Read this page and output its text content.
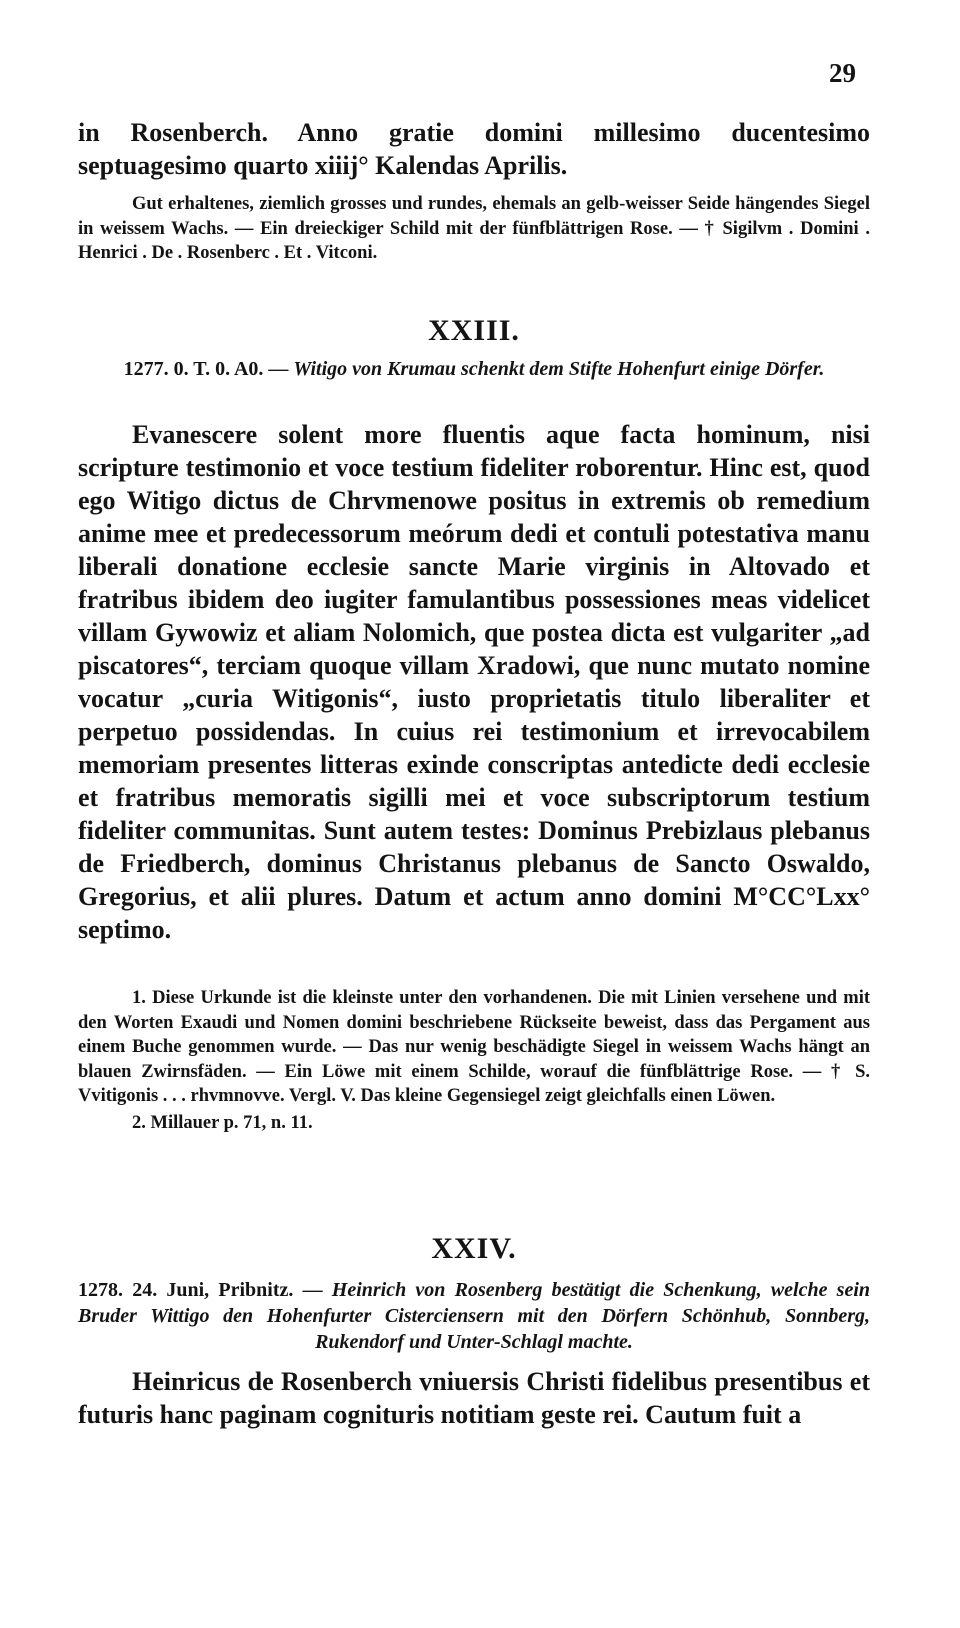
29

in Rosenberch. Anno gratie domini millesimo ducentesimo septuagesimo quarto xiiij° Kalendas Aprilis.

Gut erhaltenes, ziemlich grosses und rundes, ehemals an gelb-weisser Seide hängendes Siegel in weissem Wachs. — Ein dreieckiger Schild mit der fünfblättrigen Rose. — † Sigilvm . Domini . Henrici . De . Rosenberc . Et . Vitconi.

XXIII.

1277. 0. T. 0. A0. — Witigo von Krumau schenkt dem Stifte Hohenfurt einige Dörfer.

Evanescere solent more fluentis aque facta hominum, nisi scripture testimonio et voce testium fideliter roborentur. Hinc est, quod ego Witigo dictus de Chrvmenowe positus in extremis ob remedium anime mee et predecessorum meórum dedi et contuli potestativa manu liberali donatione ecclesie sancte Marie virginis in Altovado et fratribus ibidem deo iugiter famulantibus possessiones meas videlicet villam Gywowiz et aliam Nolomich, que postea dicta est vulgariter „ad piscatores“, terciam quoque villam Xradowi, que nunc mutato nomine vocatur „curia Witigonis“, iusto proprietatis titulo liberaliter et perpetuo possidendas. In cuius rei testimonium et irrevocabilem memoriam presentes litteras exinde conscriptas antedicte dedi ecclesie et fratribus memoratis sigilli mei et voce subscriptorum testium fideliter communitas. Sunt autem testes: Dominus Prebizlaus plebanus de Friedberch, dominus Christanus plebanus de Sancto Oswaldo, Gregorius, et alii plures. Datum et actum anno domini M°CC°Lxx° septimo.

1. Diese Urkunde ist die kleinste unter den vorhandenen. Die mit Linien versehene und mit den Worten Exaudi und Nomen domini beschriebene Rückseite beweist, dass das Pergament aus einem Buche genommen wurde. — Das nur wenig beschädigte Siegel in weissem Wachs hängt an blauen Zwirnsfäden. — Ein Löwe mit einem Schilde, worauf die fünfblättrige Rose. — † S. Vvitigonis . . . rhvmnovve. Vergl. V. Das kleine Gegensiegel zeigt gleichfalls einen Löwen.

2. Millauer p. 71, n. 11.

XXIV.

1278. 24. Juni, Pribnitz. — Heinrich von Rosenberg bestätigt die Schenkung, welche sein Bruder Wittigo den Hohenfurter Cisterciensern mit den Dörfern Schönhub, Sonnberg, Rukendorf und Unter-Schlagl machte.

Heinricus de Rosenberch vniuersis Christi fidelibus presentibus et futuris hanc paginam cognituris notitiam geste rei. Cautum fuit a
